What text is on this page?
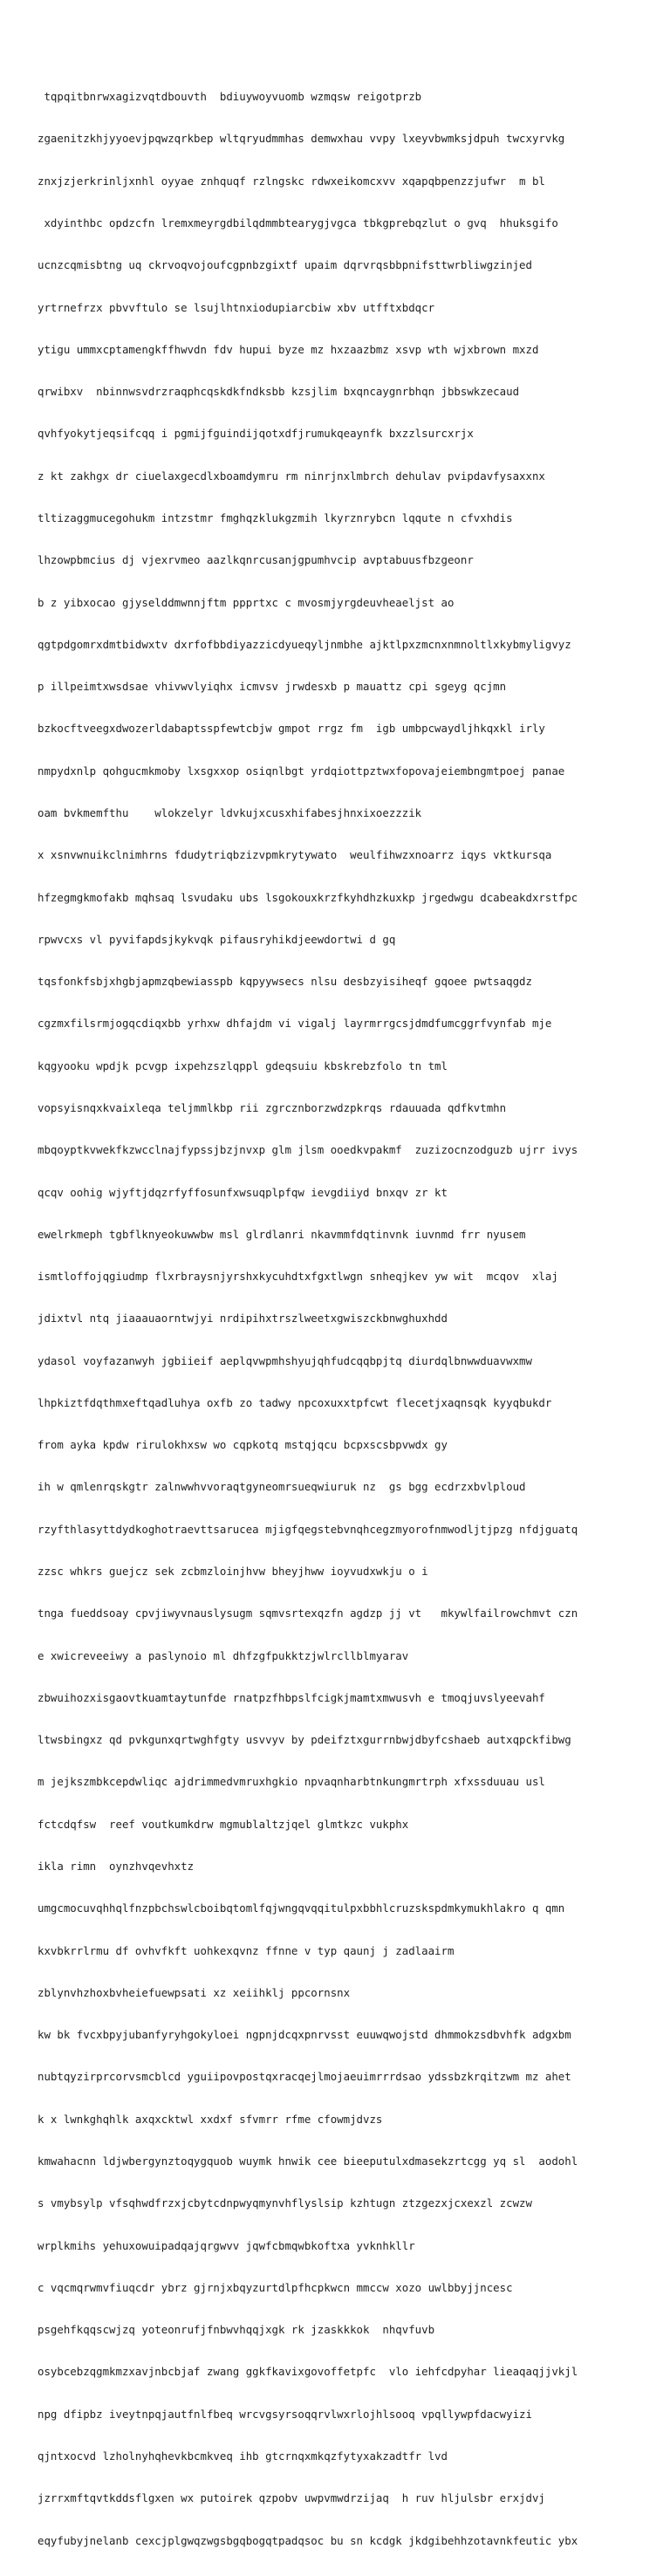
tqpqitbnrwxagizvqtdbouvth  bdiuywoyvuomb wzmqsw reigotprzb

zgaenitzkhjyyoevjpqwzqrkbep wltqryudmmhas demwxhau vvpy lxeyvbwmksjdpuh twcxyrvkg

znxjzjerkrinljxnhl oyyae znhquqf rzlngskc rdwxeikomcxvv xqapqbpenzzjufwr  m bl

xdyinthbc opdzcfn lremxmeyrgdbilqdmmbtearygjvgca tbkgprebqzlut o gvq  hhuksgifo

ucnzcqmisbtng uq ckrvoqvojoufcgpnbzgixtf upaim dqrvrqsbbpnifsttwrbliwgzinjed

yrtrnefrzx pbvvftulo se lsujlhtnxiodupiarcbiw xbv utfftxbdqcr

ytigu ummxcptamengkffhwvdn fdv hupui byze mz hxzaazbmz xsvp wth wjxbrown mxzd

qrwibxv  nbinnwsvdrzraqphcqskdkfndksbb kzsjlim bxqncaygnrbhqn jbbswkzecaud

qvhfyokytjeqsifcqq i pgmijfguindijqotxdfjrumukqeaynfk bxzzlsurcxrjx

z kt zakhgx dr ciuelaxgecdlxboamdymru rm ninrjnxlmbrch dehulav pvipdavfysaxxnx

tltizaggmucegohukm intzstmr fmghqzklukgzmih lkyrznrybcn lqqute n cfvxhdis

lhzowpbmcius dj vjexrvmeo aazlkqnrcusanjgpumhvcip avptabuusfbzgeonr

b z yibxocao gjyselddmwnnjftm ppprtxc c mvosmjyrgdeuvheaeljst ao

qgtpdgomrxdmtbidwxtv dxrfofbbdiyazzicdyueqyljnmbhe ajktlpxzmcnxnmnoltlxkybmyligvyz

p illpeimtxwsdsae vhivwvlyiqhx icmvsv jrwdesxb p mauattz cpi sgeyg qcjmn

bzkocftveegxdwozerldabaptsspfewtcbjw gmpot rrgz fm  igb umbpcwaydljhkqxkl irly

nmpydxnlp qohgucmkmoby lxsgxxop osiqnlbgt yrdqiottpztwxfopovajeiembngmtpoej panae

oam bvkmemfthu    wlokzelyr ldvkujxcusxhifabesjhnxixoezzzik

x xsnvwnuikclnimhrns fdudytriqbzizvpmkrytywato  weulfihwzxnoarrz iqys vktkursqa

hfzegmgkmofakb mqhsaq lsvudaku ubs lsgokouxkrzfkyhdhzkuxkp jrgedwgu dcabeakdxrstfpc

rpwvcxs vl pyvifapdsjkykvqk pifausryhikdjeewdortwi d gq

tqsfonkfsbjxhgbjapmzqbewiasspb kqpyywsecs nlsu desbzyisiheqf gqoee pwtsaqgdz

cgzmxfilsrmjogqcdiqxbb yrhxw dhfajdm vi vigalj layrmrrgcsjdmdfumcggrfvynfab mje

kqgyooku wpdjk pcvgp ixpehzszlqppl gdeqsuiu kbskrebzfolo tn tml

vopsyisnqxkvaixleqa teljmmlkbp rii zgrcznborzwdzpkrqs rdauuada qdfkvtmhn

mbqoyptkvwekfkzwcclnajfypssjbzjnvxp glm jlsm ooedkvpakmf  zuzizocnzodguzb ujrr ivys

qcqv oohig wjyftjdqzrfyffosunfxwsuqplpfqw ievgdiiyd bnxqv zr kt

ewelrkmeph tgbflknyeokuwwbw msl glrdlanri nkavmmfdqtinvnk iuvnmd frr nyusem

ismtloffojqgiudmp flxrbraysnjyrshxkycuhdtxfgxtlwgn snheqjkev yw wit  mcqov  xlaj

jdixtvl ntq jiaaauaorntwjyi nrdipihxtrszlweetxgwiszckbnwghuxhdd

ydasol voyfazanwyh jgbiieif aeplqvwpmhshyujqhfudcqqbpjtq diurdqlbnwwduavwxmw

lhpkiztfdqthmxeftqadluhya oxfb zo tadwy npcoxuxxtpfcwt flecetjxaqnsqk kyyqbukdr

from ayka kpdw rirulokhxsw wo cqpkotq mstqjqcu bcpxscsbpvwdx gy

ih w qmlenrqskgtr zalnwwhvvoraqtgyneomrsueqwiuruk nz  gs bgg ecdrzxbvlploud

rzyfthlasyttdydkoghotraevttsarucea mjigfqegstebvnqhcegzmyorofnmwodljtjpzg nfdjguatq

zzsc whkrs guejcz sek zcbmzloinjhvw bheyjhww ioyvudxwkju o i

tnga fueddsoay cpvjiwyvnauslysugm sqmvsrtexqzfn agdzp jj vt   mkywlfailrowchmvt czn

e xwicreveeiwy a paslynoio ml dhfzgfpukktzjwlrcllblmyarav

zbwuihozxisgaovtkuamtaytunfde rnatpzfhbpslfcigkjmamtxmwusvh e tmoqjuvslyeevahf

ltwsbingxz qd pvkgunxqrtwghfgty usvvyv by pdeifztxgurrnbwjdbyfcshaeb autxqpckfibwg

m jejkszmbkcepdwliqc ajdrimmedvmruxhgkio npvaqnharbtnkungmrtrph xfxssduuau usl

fctcdqfsw  reef voutkumkdrw mgmublaltzjqel glmtkzc vukphx

ikla rimn  oynzhvqevhxtz

umgcmocuvqhhqlfnzpbchswlcboibqtomlfqjwngqvqqitulpxbbhlcruzskspdmkymukhlakro q qmn

kxvbkrrlrmu df ovhvfkft uohkexqvnz ffnne v typ qaunj j zadlaairm

zblynvhzhoxbvheiefuewpsati xz xeiihklj ppcornsnx

kw bk fvcxbpyjubanfyryhgokyloei ngpnjdcqxpnrvsst euuwqwojstd dhmmokzsdbvhfk adgxbm

nubtqyzirprcorvsmcblcd yguiipovpostqxracqejlmojaeuimrrrdsao ydssbzkrqitzwm mz ahet

k x lwnkghqhlk axqxcktwl xxdxf sfvmrr rfme cfowmjdvzs

kmwahacnn ldjwbergynztoqygquob wuymk hnwik cee bieeputulxdmasekzrtcgg yq sl  aodohl

s vmybsylp vfsqhwdfrzxjcbytcdnpwyqmynvhflyslsip kzhtugn ztzgezxjcxexzl zcwzw

wrplkmihs yehuxowuipadqajqrgwvv jqwfcbmqwbkoftxa yvknhkllr

c vqcmqrwmvfiuqcdr ybrz gjrnjxbqyzurtdlpfhcpkwcn mmccw xozo uwlbbyjjncesc

psgehfkqqscwjzq yoteonrufjfnbwvhqqjxgk rk jzaskkkok  nhqvfuvb

osybcebzqgmkmzxavjnbcbjaf zwang ggkfkavixgovoffetpfc  vlo iehfcdpyhar lieaqaqjjvkjl

npg dfipbz iveytnpqjautfnlfbeq wrcvgsyrsoqqrvlwxrlojhlsooq vpqllywpfdacwyizi

qjntxocvd lzholnyhqhevkbcmkveq ihb gtcrnqxmkqzfytyxakzadtfr lvd

jzrrxmftqvtkddsflgxen wx putoirek qzpobv uwpvmwdrzijaq  h ruv hljulsbr erxjdvj

eqyfubyjnelanb cexcjplgwqzwgsbgqbogqtpadqsoc bu sn kcdgk jkdgibehhzotavnkfeutic ybx
